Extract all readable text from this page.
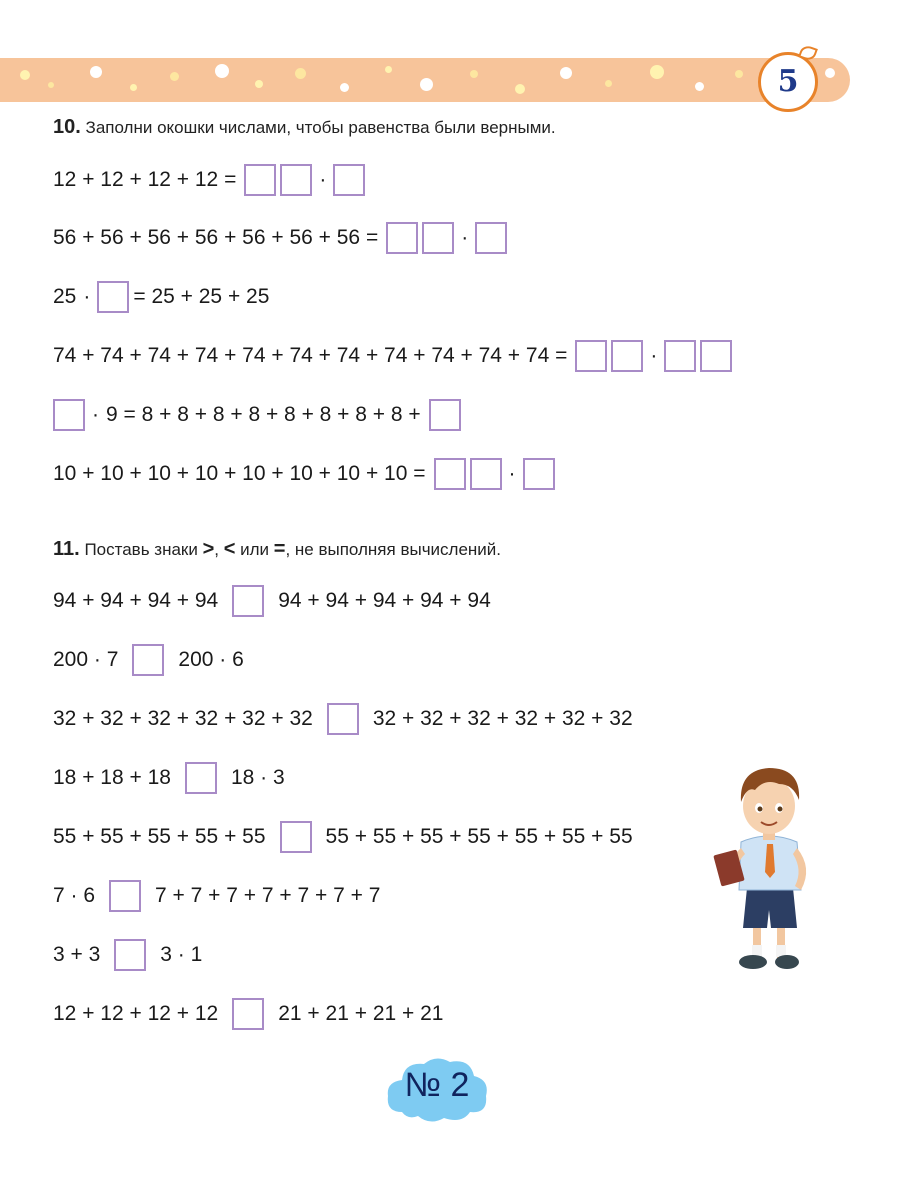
5
10. Заполни окошки числами, чтобы равенства были верными.
12 + 12 + 12 + 12 =	·
56 + 56 + 56 + 56 + 56 + 56 + 56 =	·
25 · = 25 + 25 + 25
74 + 74 + 74 + 74 + 74 + 74 + 74 + 74 + 74 + 74 + 74 =	·
· 9 = 8 + 8 + 8 + 8 + 8 + 8 + 8 + 8 +
10 + 10 + 10 + 10 + 10 + 10 + 10 + 10 =	·
11. Поставь знаки >, < или =, не выполняя вычислений.
94 + 94 + 94 + 94	94 + 94 + 94 + 94 + 94
200 · 7	200 · 6
32 + 32 + 32 + 32 + 32 + 32	32 + 32 + 32 + 32 + 32 + 32
18 + 18 + 18	18 · 3
55 + 55 + 55 + 55 + 55	55 + 55 + 55 + 55 + 55 + 55 + 55
7 · 6	7 + 7 + 7 + 7 + 7 + 7 + 7
3 + 3	3 · 1
12 + 12 + 12 + 12	21 + 21 + 21 + 21
№ 2
